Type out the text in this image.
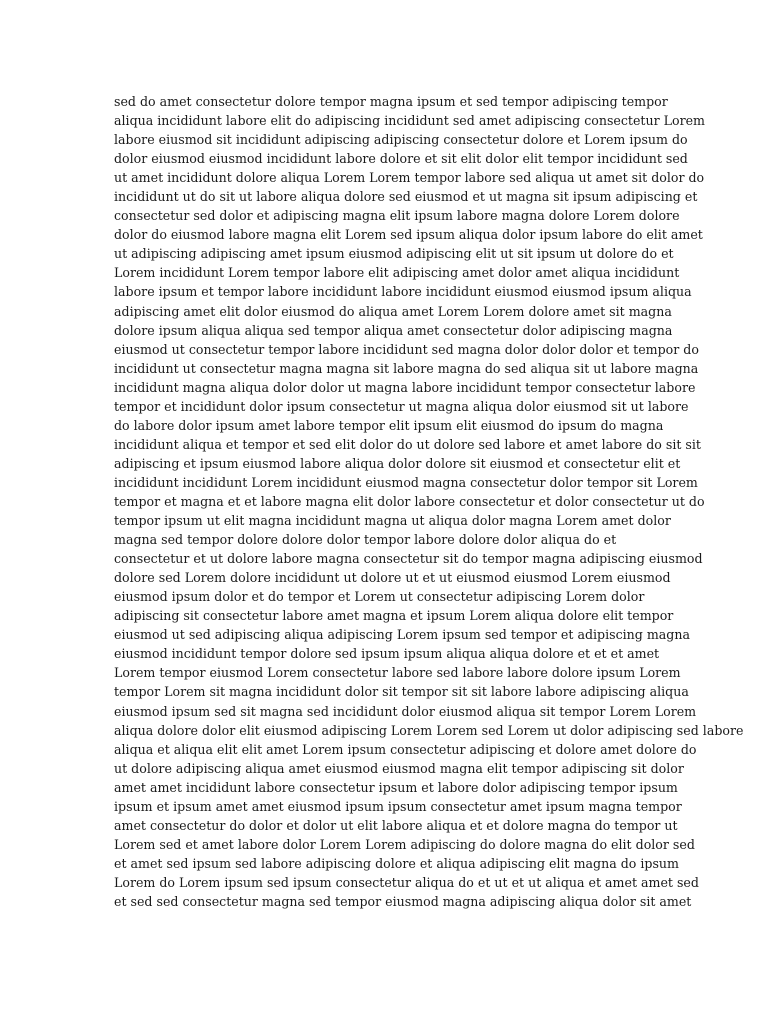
sed do amet consectetur dolore tempor magna ipsum et sed tempor adipiscing tempor
aliqua incididunt labore elit do adipiscing incididunt sed amet adipiscing consectetur Lorem
labore eiusmod sit incididunt adipiscing adipiscing consectetur dolore et Lorem ipsum do
dolor eiusmod eiusmod incididunt labore dolore et sit elit dolor elit tempor incididunt sed
ut amet incididunt dolore aliqua Lorem Lorem tempor labore sed aliqua ut amet sit dolor do
incididunt ut do sit ut labore aliqua dolore sed eiusmod et ut magna sit ipsum adipiscing et
consectetur sed dolor et adipiscing magna elit ipsum labore magna dolore Lorem dolore
dolor do eiusmod labore magna elit Lorem sed ipsum aliqua dolor ipsum labore do elit amet
ut adipiscing adipiscing amet ipsum eiusmod adipiscing elit ut sit ipsum ut dolore do et
Lorem incididunt Lorem tempor labore elit adipiscing amet dolor amet aliqua incididunt
labore ipsum et tempor labore incididunt labore incididunt eiusmod eiusmod ipsum aliqua
adipiscing amet elit dolor eiusmod do aliqua amet Lorem Lorem dolore amet sit magna
dolore ipsum aliqua aliqua sed tempor aliqua amet consectetur dolor adipiscing magna
eiusmod ut consectetur tempor labore incididunt sed magna dolor dolor dolor et tempor do
incididunt ut consectetur magna magna sit labore magna do sed aliqua sit ut labore magna
incididunt magna aliqua dolor dolor ut magna labore incididunt tempor consectetur labore
tempor et incididunt dolor ipsum consectetur ut magna aliqua dolor eiusmod sit ut labore
do labore dolor ipsum amet labore tempor elit ipsum elit eiusmod do ipsum do magna
incididunt aliqua et tempor et sed elit dolor do ut dolore sed labore et amet labore do sit sit
adipiscing et ipsum eiusmod labore aliqua dolor dolore sit eiusmod et consectetur elit et
incididunt incididunt Lorem incididunt eiusmod magna consectetur dolor tempor sit Lorem
tempor et magna et et labore magna elit dolor labore consectetur et dolor consectetur ut do
tempor ipsum ut elit magna incididunt magna ut aliqua dolor magna Lorem amet dolor
magna sed tempor dolore dolore dolor tempor labore dolore dolor aliqua do et
consectetur et ut dolore labore magna consectetur sit do tempor magna adipiscing eiusmod
dolore sed Lorem dolore incididunt ut dolore ut et ut eiusmod eiusmod Lorem eiusmod
eiusmod ipsum dolor et do tempor et Lorem ut consectetur adipiscing Lorem dolor
adipiscing sit consectetur labore amet magna et ipsum Lorem aliqua dolore elit tempor
eiusmod ut sed adipiscing aliqua adipiscing Lorem ipsum sed tempor et adipiscing magna
eiusmod incididunt tempor dolore sed ipsum ipsum aliqua aliqua dolore et et et amet
Lorem tempor eiusmod Lorem consectetur labore sed labore labore dolore ipsum Lorem
tempor Lorem sit magna incididunt dolor sit tempor sit sit labore labore adipiscing aliqua
eiusmod ipsum sed sit magna sed incididunt dolor eiusmod aliqua sit tempor Lorem Lorem
aliqua dolore dolor elit eiusmod adipiscing Lorem Lorem sed Lorem ut dolor adipiscing sed labore
aliqua et aliqua elit elit amet Lorem ipsum consectetur adipiscing et dolore amet dolore do
ut dolore adipiscing aliqua amet eiusmod eiusmod magna elit tempor adipiscing sit dolor
amet amet incididunt labore consectetur ipsum et labore dolor adipiscing tempor ipsum
ipsum et ipsum amet amet eiusmod ipsum ipsum consectetur amet ipsum magna tempor
amet consectetur do dolor et dolor ut elit labore aliqua et et dolore magna do tempor ut
Lorem sed et amet labore dolor Lorem Lorem adipiscing do dolore magna do elit dolor sed
et amet sed ipsum sed labore adipiscing dolore et aliqua adipiscing elit magna do ipsum
Lorem do Lorem ipsum sed ipsum consectetur aliqua do et ut et ut aliqua et amet amet sed
et sed sed consectetur magna sed tempor eiusmod magna adipiscing aliqua dolor sit amet
